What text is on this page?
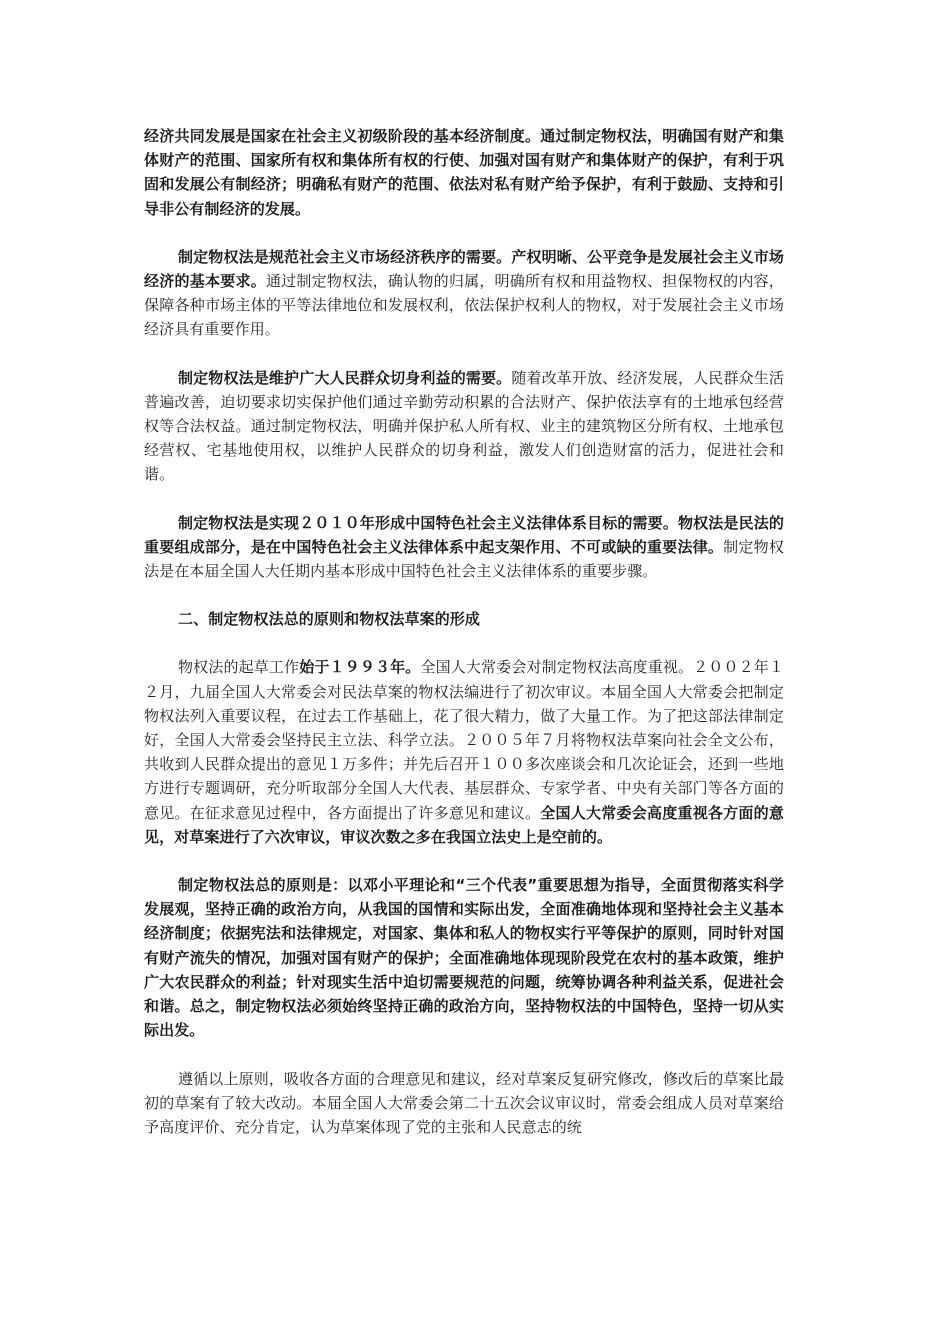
经济共同发展是国家在社会主义初级阶段的基本经济制度。通过制定物权法，明确国有财产和集体财产的范围、国家所有权和集体所有权的行使、加强对国有财产和集体财产的保护，有利于巩固和发展公有制经济；明确私有财产的范围、依法对私有财产给予保护，有利于鼓励、支持和引导非公有制经济的发展。

制定物权法是规范社会主义市场经济秩序的需要。产权明晰、公平竞争是发展社会主义市场经济的基本要求。通过制定物权法，确认物的归属，明确所有权和用益物权、担保物权的内容，保障各种市场主体的平等法律地位和发展权利，依法保护权利人的物权，对于发展社会主义市场经济具有重要作用。

制定物权法是维护广大人民群众切身利益的需要。随着改革开放、经济发展，人民群众生活普遍改善，迫切要求切实保护他们通过辛勤劳动积累的合法财产、保护依法享有的土地承包经营权等合法权益。通过制定物权法，明确并保护私人所有权、业主的建筑物区分所有权、土地承包经营权、宅基地使用权，以维护人民群众的切身利益，激发人们创造财富的活力，促进社会和谐。

制定物权法是实现２０１０年形成中国特色社会主义法律体系目标的需要。物权法是民法的重要组成部分，是在中国特色社会主义法律体系中起支架作用、不可或缺的重要法律。制定物权法是在本届全国人大任期内基本形成中国特色社会主义法律体系的重要步骤。

二、制定物权法总的原则和物权法草案的形成

物权法的起草工作始于１９９３年。全国人大常委会对制定物权法高度重视。２００２年１２月，九届全国人大常委会对民法草案的物权法编进行了初次审议。本届全国人大常委会把制定物权法列入重要议程，在过去工作基础上，花了很大精力，做了大量工作。为了把这部法律制定好，全国人大常委会坚持民主立法、科学立法。２００５年７月将物权法草案向社会全文公布，共收到人民群众提出的意见１万多件；并先后召开１００多次座谈会和几次论证会，还到一些地方进行专题调研，充分听取部分全国人大代表、基层群众、专家学者、中央有关部门等各方面的意见。在征求意见过程中，各方面提出了许多意见和建议。全国人大常委会高度重视各方面的意见，对草案进行了六次审议，审议次数之多在我国立法史上是空前的。

制定物权法总的原则是：以邓小平理论和“三个代表”重要思想为指导，全面贯彻落实科学发展观，坚持正确的政治方向，从我国的国情和实际出发，全面准确地体现和坚持社会主义基本经济制度；依据宪法和法律规定，对国家、集体和私人的物权实行平等保护的原则，同时针对国有财产流失的情况，加强对国有财产的保护；全面准确地体现现阶段党在农村的基本政策，维护广大农民群众的利益；针对现实生活中迫切需要规范的问题，统筹协调各种利益关系，促进社会和谐。总之，制定物权法必须始终坚持正确的政治方向，坚持物权法的中国特色，坚持一切从实际出发。

遵循以上原则，吸收各方面的合理意见和建议，经对草案反复研究修改，修改后的草案比最初的草案有了较大改动。本届全国人大常委会第二十五次会议审议时，常委会组成人员对草案给予高度评价、充分肯定，认为草案体现了党的主张和人民意志的统
